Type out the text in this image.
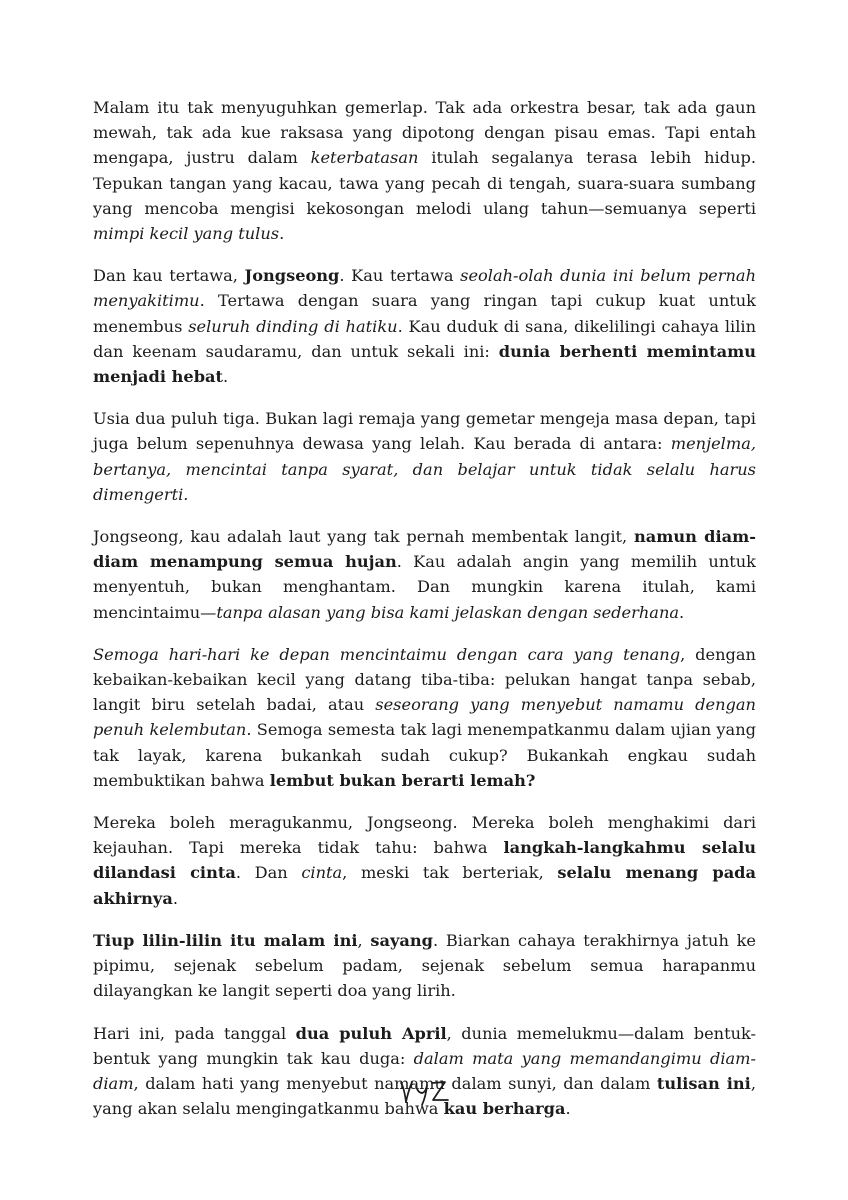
Malam itu tak menyuguhkan gemerlap. Tak ada orkestra besar, tak ada gaun mewah, tak ada kue raksasa yang dipotong dengan pisau emas. Tapi entah mengapa, justru dalam keterbatasan itulah segalanya terasa lebih hidup. Tepukan tangan yang kacau, tawa yang pecah di tengah, suara-suara sumbang yang mencoba mengisi kekosongan melodi ulang tahun—semuanya seperti mimpi kecil yang tulus.

Dan kau tertawa, Jongseong. Kau tertawa seolah-olah dunia ini belum pernah menyakitimu. Tertawa dengan suara yang ringan tapi cukup kuat untuk menembus seluruh dinding di hatiku. Kau duduk di sana, dikelilingi cahaya lilin dan keenam saudaramu, dan untuk sekali ini: dunia berhenti memintamu menjadi hebat.

Usia dua puluh tiga. Bukan lagi remaja yang gemetar mengeja masa depan, tapi juga belum sepenuhnya dewasa yang lelah. Kau berada di antara: menjelma, bertanya, mencintai tanpa syarat, dan belajar untuk tidak selalu harus dimengerti.

Jongseong, kau adalah laut yang tak pernah membentak langit, namun diam-diam menampung semua hujan. Kau adalah angin yang memilih untuk menyentuh, bukan menghantam. Dan mungkin karena itulah, kami mencintaimu—tanpa alasan yang bisa kami jelaskan dengan sederhana.

Semoga hari-hari ke depan mencintaimu dengan cara yang tenang, dengan kebaikan-kebaikan kecil yang datang tiba-tiba: pelukan hangat tanpa sebab, langit biru setelah badai, atau seseorang yang menyebut namamu dengan penuh kelembutan. Semoga semesta tak lagi menempatkanmu dalam ujian yang tak layak, karena bukankah sudah cukup? Bukankah engkau sudah membuktikan bahwa lembut bukan berarti lemah?

Mereka boleh meragukanmu, Jongseong. Mereka boleh menghakimi dari kejauhan. Tapi mereka tidak tahu: bahwa langkah-langkahmu selalu dilandasi cinta. Dan cinta, meski tak berteriak, selalu menang pada akhirnya.

Tiup lilin-lilin itu malam ini, sayang. Biarkan cahaya terakhirnya jatuh ke pipimu, sejenak sebelum padam, sejenak sebelum semua harapanmu dilayangkan ke langit seperti doa yang lirih.

Hari ini, pada tanggal dua puluh April, dunia memelukmu—dalam bentuk-bentuk yang mungkin tak kau duga: dalam mata yang memandangimu diam-diam, dalam hati yang menyebut namamu dalam sunyi, dan dalam tulisan ini, yang akan selalu mengingatkanmu bahwa kau berharga.
